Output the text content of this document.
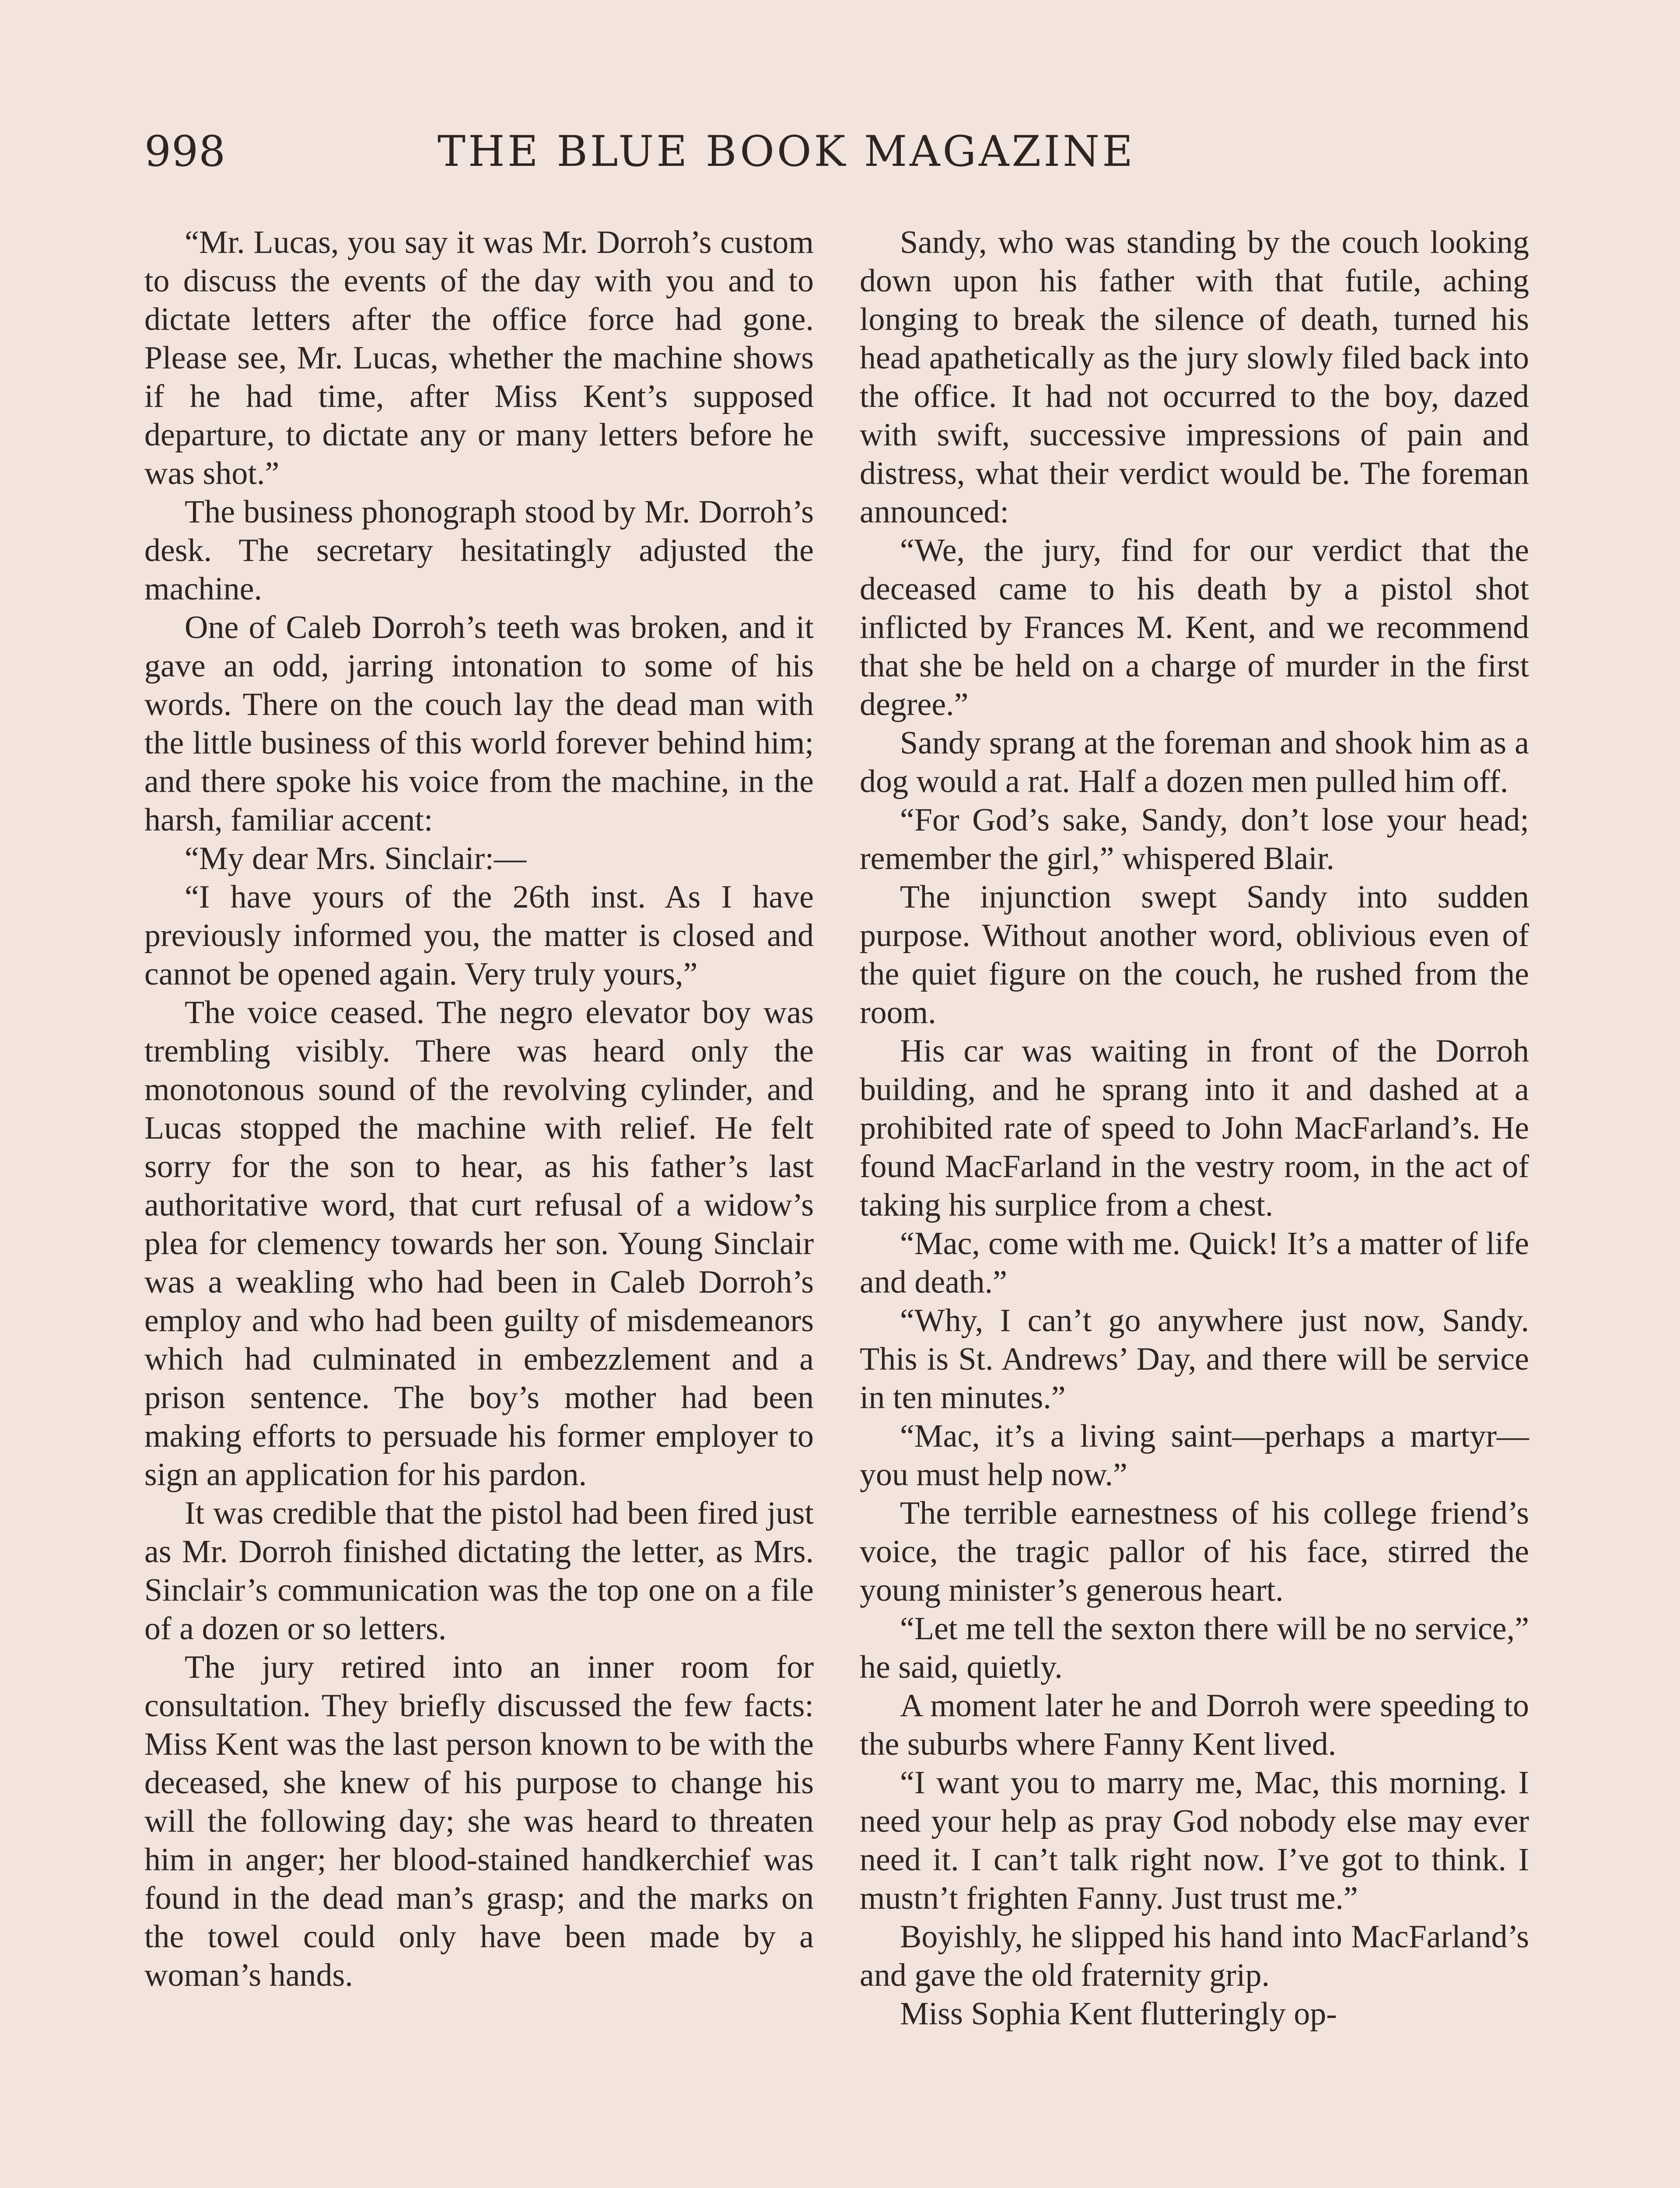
998	THE BLUE BOOK MAGAZINE

“Mr. Lucas, you say it was Mr. Dorroh’s custom to discuss the events of the day with you and to dictate letters after the office force had gone. Please see, Mr. Lucas, whether the machine shows if he had time, after Miss Kent’s supposed departure, to dictate any or many letters before he was shot.”

The business phonograph stood by Mr. Dorroh’s desk. The secretary hesitatingly adjusted the machine.

One of Caleb Dorroh’s teeth was broken, and it gave an odd, jarring intonation to some of his words. There on the couch lay the dead man with the little business of this world forever behind him; and there spoke his voice from the machine, in the harsh, familiar accent:

“My dear Mrs. Sinclair:—

“I have yours of the 26th inst. As I have previously informed you, the matter is closed and cannot be opened again. Very truly yours,”

The voice ceased. The negro elevator boy was trembling visibly. There was heard only the monotonous sound of the revolving cylinder, and Lucas stopped the machine with relief. He felt sorry for the son to hear, as his father’s last authoritative word, that curt refusal of a widow’s plea for clemency towards her son. Young Sinclair was a weakling who had been in Caleb Dorroh’s employ and who had been guilty of misdemeanors which had culminated in embezzlement and a prison sentence. The boy’s mother had been making efforts to persuade his former employer to sign an application for his pardon.

It was credible that the pistol had been fired just as Mr. Dorroh finished dictating the letter, as Mrs. Sinclair’s communication was the top one on a file of a dozen or so letters.

The jury retired into an inner room for consultation. They briefly discussed the few facts: Miss Kent was the last person known to be with the deceased, she knew of his purpose to change his will the following day; she was heard to threaten him in anger; her blood-stained handkerchief was found in the dead man’s grasp; and the marks on the towel could only have been made by a woman’s hands.

Sandy, who was standing by the couch looking down upon his father with that futile, aching longing to break the silence of death, turned his head apathetically as the jury slowly filed back into the office. It had not occurred to the boy, dazed with swift, successive impressions of pain and distress, what their verdict would be. The foreman announced:

“We, the jury, find for our verdict that the deceased came to his death by a pistol shot inflicted by Frances M. Kent, and we recommend that she be held on a charge of murder in the first degree.”

Sandy sprang at the foreman and shook him as a dog would a rat. Half a dozen men pulled him off.

“For God’s sake, Sandy, don’t lose your head; remember the girl,” whispered Blair.

The injunction swept Sandy into sudden purpose. Without another word, oblivious even of the quiet figure on the couch, he rushed from the room.

His car was waiting in front of the Dorroh building, and he sprang into it and dashed at a prohibited rate of speed to John MacFarland’s. He found MacFarland in the vestry room, in the act of taking his surplice from a chest.

“Mac, come with me. Quick! It’s a matter of life and death.”

“Why, I can’t go anywhere just now, Sandy. This is St. Andrews’ Day, and there will be service in ten minutes.”

“Mac, it’s a living saint—perhaps a martyr—you must help now.”

The terrible earnestness of his college friend’s voice, the tragic pallor of his face, stirred the young minister’s generous heart.

“Let me tell the sexton there will be no service,” he said, quietly.

A moment later he and Dorroh were speeding to the suburbs where Fanny Kent lived.

“I want you to marry me, Mac, this morning. I need your help as pray God nobody else may ever need it. I can’t talk right now. I’ve got to think. I mustn’t frighten Fanny. Just trust me.”

Boyishly, he slipped his hand into MacFarland’s and gave the old fraternity grip.

Miss Sophia Kent flutteringly op-
